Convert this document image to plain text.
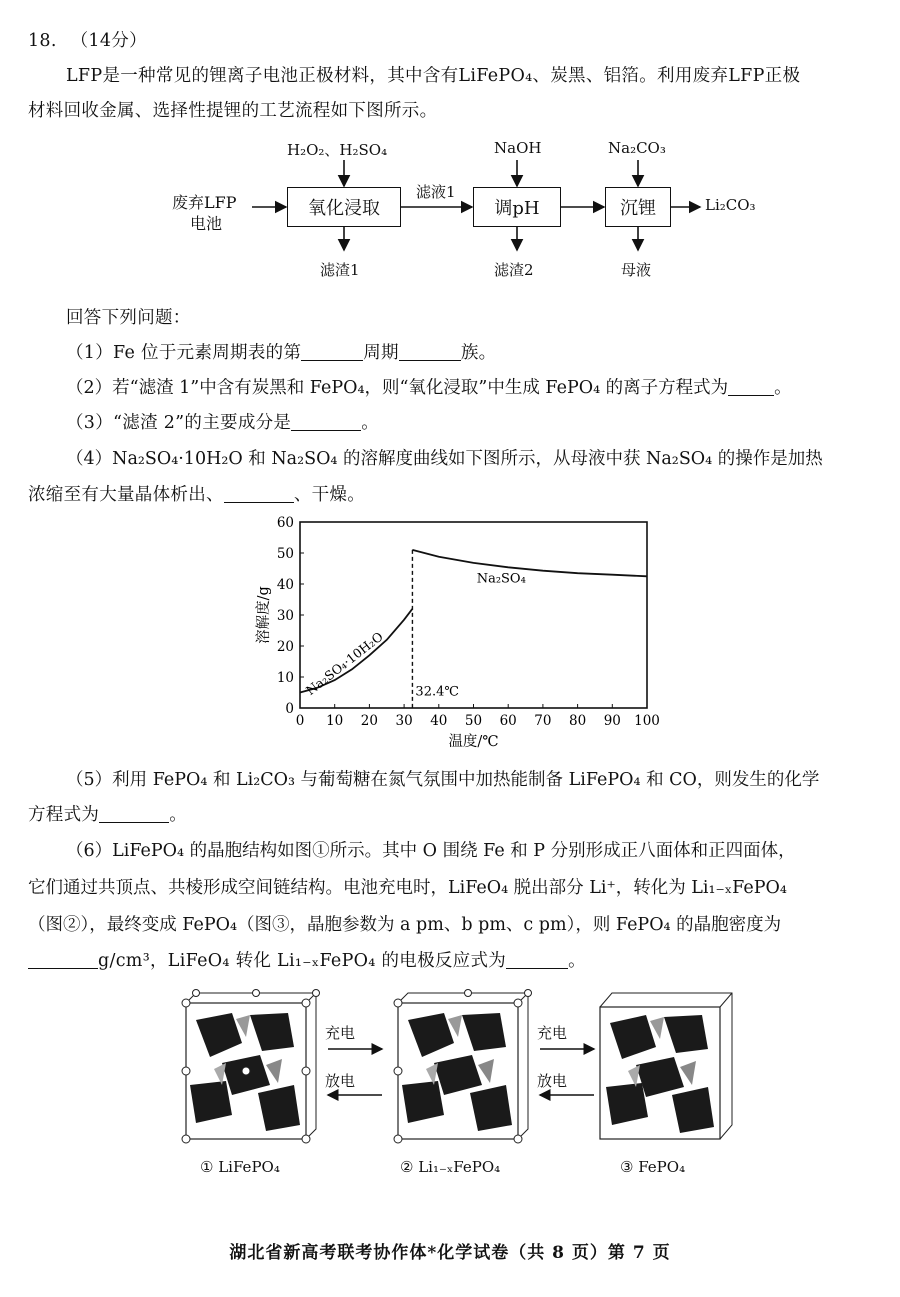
18. （14分）
LFP是一种常见的锂离子电池正极材料，其中含有LiFePO₄、炭黑、铝箔。利用废弃LFP正极
材料回收金属、选择性提锂的工艺流程如下图所示。
废弃LFP
电池
H₂O₂、H₂SO₄
氧化浸取
滤渣1
滤液1
NaOH
调pH
滤渣2
Na₂CO₃
沉锂
母液
Li₂CO₃
回答下列问题：
（1）Fe 位于元素周期表的第	周期	族。
（2）若“滤渣 1”中含有炭黑和 FePO₄，则“氧化浸取”中生成 FePO₄ 的离子方程式为	。
（3）“滤渣 2”的主要成分是	。
（4）Na₂SO₄·10H₂O 和 Na₂SO₄ 的溶解度曲线如下图所示，从母液中获 Na₂SO₄ 的操作是加热
浓缩至有大量晶体析出、	、干燥。
0 10 20 30 40 50 60 70 80 90 100
0
10
20
30
40
50
60
温度/℃
溶解度/g
32.4℃
Na₂SO₄·10H₂O
Na₂SO₄
（5）利用 FePO₄ 和 Li₂CO₃ 与葡萄糖在氮气氛围中加热能制备 LiFePO₄ 和 CO，则发生的化学
方程式为	。
（6）LiFePO₄ 的晶胞结构如图①所示。其中 O 围绕 Fe 和 P 分别形成正八面体和正四面体，
它们通过共顶点、共棱形成空间链结构。电池充电时，LiFeO₄ 脱出部分 Li⁺，转化为 Li₁₋ₓFePO₄
（图②），最终变成 FePO₄（图③，晶胞参数为 a pm、b pm、c pm），则 FePO₄ 的晶胞密度为
g/cm³，LiFeO₄ 转化 Li₁₋ₓFePO₄ 的电极反应式为	。
充电
放电
充电
放电
① LiFePO₄	② Li₁₋ₓFePO₄	③ FePO₄
湖北省新高考联考协作体*化学试卷（共 8 页）第 7 页
